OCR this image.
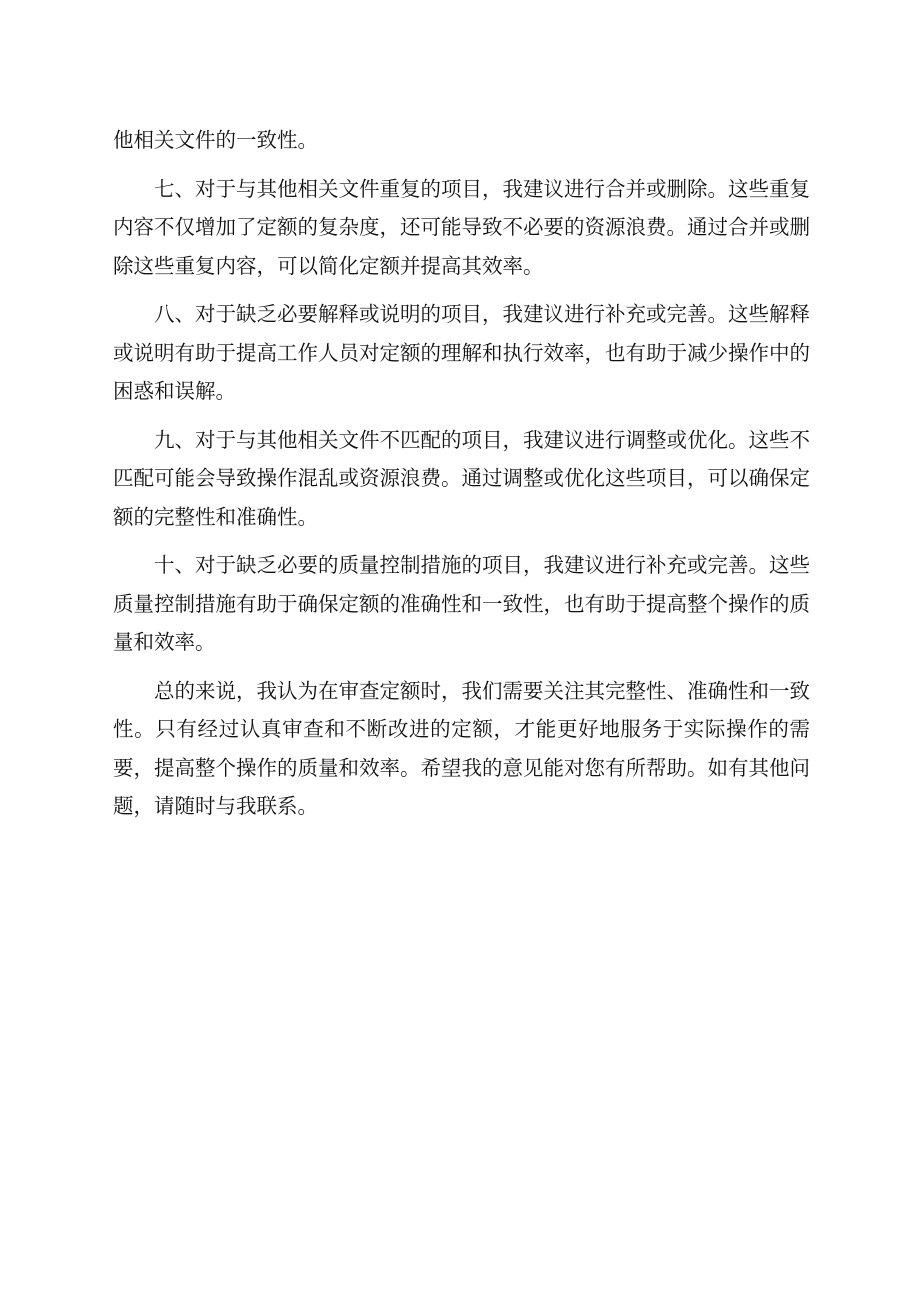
他相关文件的一致性。

七、对于与其他相关文件重复的项目，我建议进行合并或删除。这些重复内容不仅增加了定额的复杂度，还可能导致不必要的资源浪费。通过合并或删除这些重复内容，可以简化定额并提高其效率。

八、对于缺乏必要解释或说明的项目，我建议进行补充或完善。这些解释或说明有助于提高工作人员对定额的理解和执行效率，也有助于减少操作中的困惑和误解。

九、对于与其他相关文件不匹配的项目，我建议进行调整或优化。这些不匹配可能会导致操作混乱或资源浪费。通过调整或优化这些项目，可以确保定额的完整性和准确性。

十、对于缺乏必要的质量控制措施的项目，我建议进行补充或完善。这些质量控制措施有助于确保定额的准确性和一致性，也有助于提高整个操作的质量和效率。

总的来说，我认为在审查定额时，我们需要关注其完整性、准确性和一致性。只有经过认真审查和不断改进的定额，才能更好地服务于实际操作的需要，提高整个操作的质量和效率。希望我的意见能对您有所帮助。如有其他问题，请随时与我联系。
